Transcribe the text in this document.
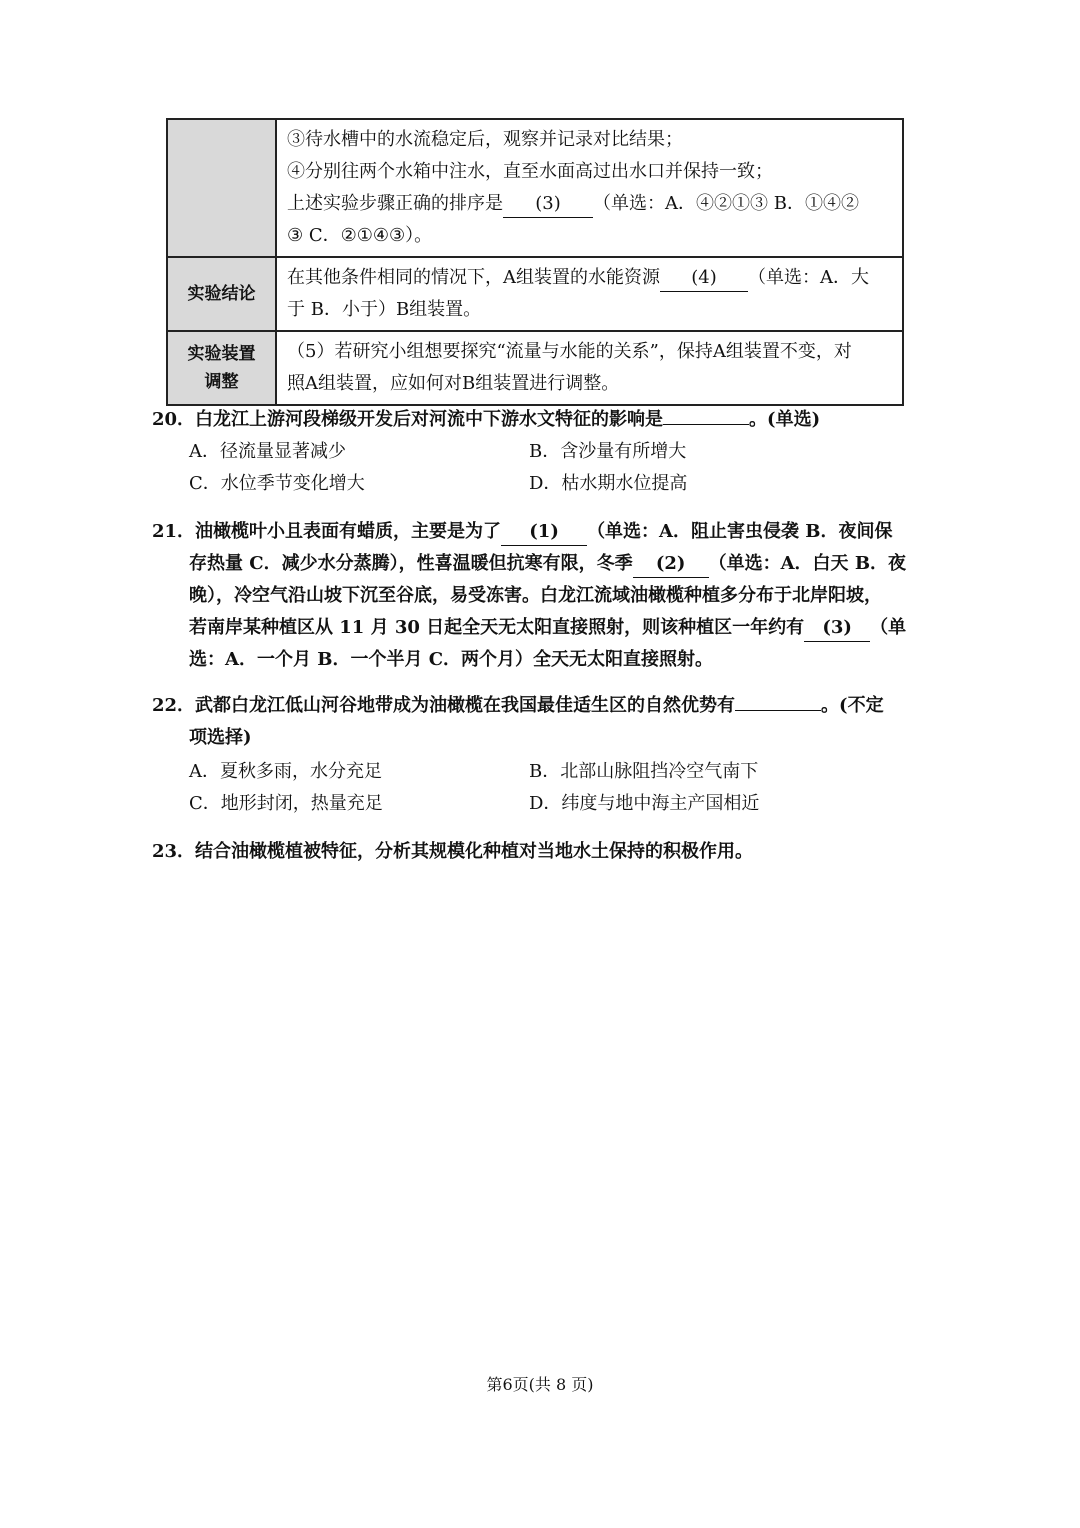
	③待水槽中的水流稳定后，观察并记录对比结果；
④分别往两个水箱中注水，直至水面高过出水口并保持一致；
上述实验步骤正确的排序是 (3) （单选：A．④②①③ B．①④②
③ C．②①④③）。

实验结论	在其他条件相同的情况下，A组装置的水能资源 (4) （单选：A．大
于 B．小于）B组装置。

实验装置
调整	（5）若研究小组想要探究“流量与水能的关系”，保持A组装置不变，对
照A组装置，应如何对B组装置进行调整。
20．白龙江上游河段梯级开发后对河流中下游水文特征的影响是	。(单选)
A．径流量显著减少	B．含沙量有所增大
C．水位季节变化增大	D．枯水期水位提高
21．油橄榄叶小且表面有蜡质，主要是为了 (1) （单选：A．阻止害虫侵袭 B．夜间保
存热量 C．减少水分蒸腾），性喜温暖但抗寒有限，冬季 (2) （单选：A．白天 B．夜
晚），冷空气沿山坡下沉至谷底，易受冻害。白龙江流域油橄榄种植多分布于北岸阳坡，
若南岸某种植区从 11 月 30 日起全天无太阳直接照射，则该种植区一年约有 (3) （单
选：A．一个月 B．一个半月 C．两个月）全天无太阳直接照射。
22．武都白龙江低山河谷地带成为油橄榄在我国最佳适生区的自然优势有	。(不定
项选择)
A．夏秋多雨，水分充足	B．北部山脉阻挡冷空气南下
C．地形封闭，热量充足	D．纬度与地中海主产国相近
23．结合油橄榄植被特征，分析其规模化种植对当地水土保持的积极作用。
第6页(共 8 页)
